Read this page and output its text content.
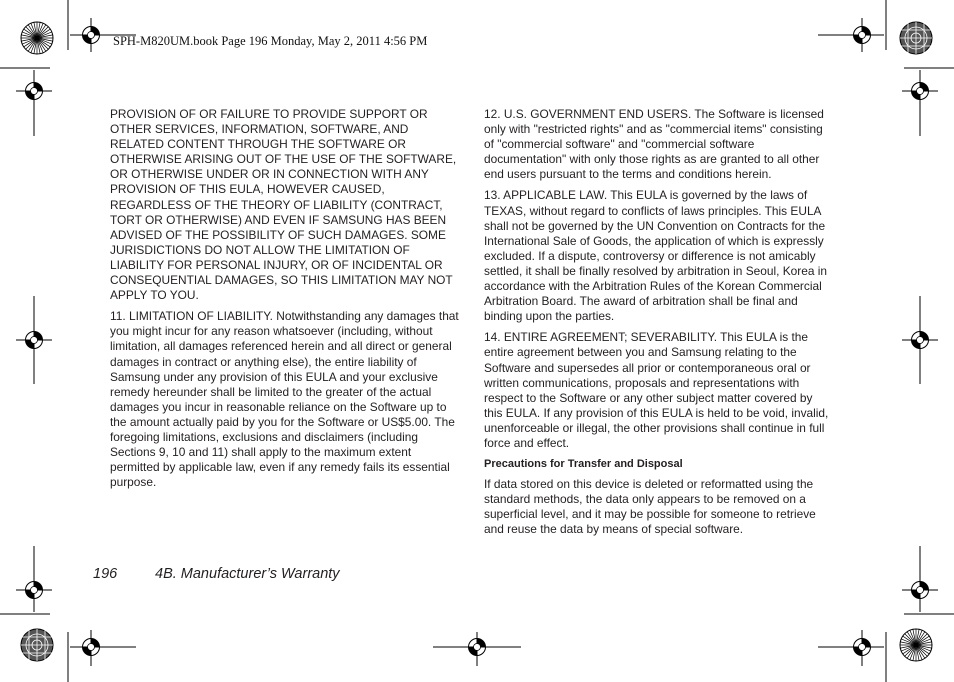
SPH-M820UM.book Page 196 Monday, May 2, 2011 4:56 PM

PROVISION OF OR FAILURE TO PROVIDE SUPPORT OR OTHER SERVICES, INFORMATION, SOFTWARE, AND RELATED CONTENT THROUGH THE SOFTWARE OR OTHERWISE ARISING OUT OF THE USE OF THE SOFTWARE, OR OTHERWISE UNDER OR IN CONNECTION WITH ANY PROVISION OF THIS EULA, HOWEVER CAUSED, REGARDLESS OF THE THEORY OF LIABILITY (CONTRACT, TORT OR OTHERWISE) AND EVEN IF SAMSUNG HAS BEEN ADVISED OF THE POSSIBILITY OF SUCH DAMAGES. SOME JURISDICTIONS DO NOT ALLOW THE LIMITATION OF LIABILITY FOR PERSONAL INJURY, OR OF INCIDENTAL OR CONSEQUENTIAL DAMAGES, SO THIS LIMITATION MAY NOT APPLY TO YOU.

11. LIMITATION OF LIABILITY. Notwithstanding any damages that you might incur for any reason whatsoever (including, without limitation, all damages referenced herein and all direct or general damages in contract or anything else), the entire liability of Samsung under any provision of this EULA and your exclusive remedy hereunder shall be limited to the greater of the actual damages you incur in reasonable reliance on the Software up to the amount actually paid by you for the Software or US$5.00. The foregoing limitations, exclusions and disclaimers (including Sections 9, 10 and 11) shall apply to the maximum extent permitted by applicable law, even if any remedy fails its essential purpose.

12. U.S. GOVERNMENT END USERS. The Software is licensed only with "restricted rights" and as "commercial items" consisting of "commercial software" and "commercial software documentation" with only those rights as are granted to all other end users pursuant to the terms and conditions herein.

13. APPLICABLE LAW. This EULA is governed by the laws of TEXAS, without regard to conflicts of laws principles. This EULA shall not be governed by the UN Convention on Contracts for the International Sale of Goods, the application of which is expressly excluded. If a dispute, controversy or difference is not amicably settled, it shall be finally resolved by arbitration in Seoul, Korea in accordance with the Arbitration Rules of the Korean Commercial Arbitration Board. The award of arbitration shall be final and binding upon the parties.

14. ENTIRE AGREEMENT; SEVERABILITY. This EULA is the entire agreement between you and Samsung relating to the Software and supersedes all prior or contemporaneous oral or written communications, proposals and representations with respect to the Software or any other subject matter covered by this EULA. If any provision of this EULA is held to be void, invalid, unenforceable or illegal, the other provisions shall continue in full force and effect.

Precautions for Transfer and Disposal

If data stored on this device is deleted or reformatted using the standard methods, the data only appears to be removed on a superficial level, and it may be possible for someone to retrieve and reuse the data by means of special software.

196	4B. Manufacturer’s Warranty
